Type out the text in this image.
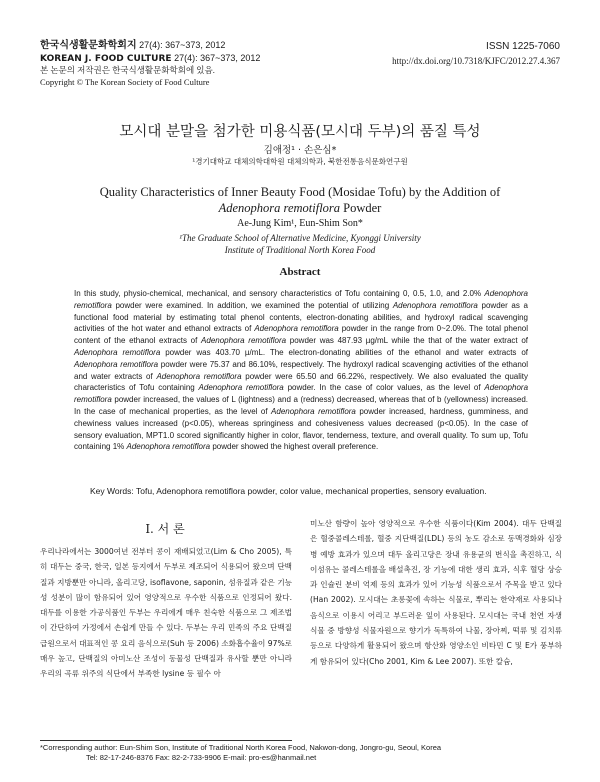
한국식생활문화학회지 27(4): 367~373, 2012
KOREAN J. FOOD CULTURE 27(4): 367~373, 2012
본 논문의 저작권은 한국식생활문화학회에 있음.
Copyright © The Korean Society of Food Culture
ISSN 1225-7060
http://dx.doi.org/10.7318/KJFC/2012.27.4.367
모시대 분말을 첨가한 미용식품(모시대 두부)의 품질 특성
김애정¹ · 손은심*
¹경기대학교 대체의학대학원 대체의학과, 북한전통음식문화연구원
Quality Characteristics of Inner Beauty Food (Mosidae Tofu) by the Addition of
Adenophora remotiflora Powder
Ae-Jung Kim¹, Eun-Shim Son*
¹The Graduate School of Alternative Medicine, Kyonggi University
Institute of Traditional North Korea Food
Abstract
In this study, physio-chemical, mechanical, and sensory characteristics of Tofu containing 0, 0.5, 1.0, and 2.0% Adenophora remotiflora powder were examined. In addition, we examined the potential of utilizing Adenophora remotiflora powder as a functional food material by estimating total phenol contents, electron-donating abilities, and hydroxyl radical scavenging activities of the hot water and ethanol extracts of Adenophora remotiflora powder in the range from 0~2.0%. The total phenol content of the ethanol extracts of Adenophora remotiflora powder was 487.93 µg/mL while the that of the water extract of Adenophora remotiflora powder was 403.70 µ/mL. The electron-donating abilities of the ethanol and water extracts of Adenophora remotiflora powder were 75.37 and 86.10%, respectively. The hydroxyl radical scavenging activities of the ethanol and water extracts of Adenophora remotiflora powder were 65.50 and 66.22%, respectively. We also evaluated the quality characteristics of Tofu containing Adenophora remotiflora powder. In the case of color values, as the level of Adenophora remotiflora powder increased, the values of L (lightness) and a (redness) decreased, whereas that of b (yellowness) increased. In the case of mechanical properties, as the level of Adenophora remotiflora powder increased, hardness, gumminess, and chewiness values increased (p<0.05), whereas springiness and cohesiveness values decreased (p<0.05). In the case of sensory evaluation, MPT1.0 scored significantly higher in color, flavor, tenderness, texture, and overall quality. To sum up, Tofu containing 1% Adenophora remotiflora powder showed the highest overall preference.
Key Words: Tofu, Adenophora remotiflora powder, color value, mechanical properties, sensory evaluation.
Ⅰ. 서 론
우리나라에서는 3000여년 전부터 콩이 재배되었고(Lim & Cho 2005), 특히 대두는 중국, 한국, 일본 등지에서 두부로 제조되어 식용되어 왔으며 단백질과 지방뿐만 아니라, 올리고당, isoflavone, saponin, 섬유질과 같은 기능성 성분이 많이 함유되어 있어 영양적으로 우수한 식품으로 인정되어 왔다. 대두를 이용한 가공식품인 두부는 우리에게 매우 친숙한 식품으로 그 제조법이 간단하여 가정에서 손쉽게 만들 수 있다. 두부는 우리 민족의 주요 단백질 급원으로서 대표적인 콩 요리 음식으로(Suh 등 2006) 소화흡수율이 97%로 매우 높고, 단백질의 아미노산 조성이 동물성 단백질과 유사할 뿐만 아니라 우리의 곡류 위주의 식단에서 부족한 lysine 등 필수 아
미노산 함량이 높아 영양적으로 우수한 식품이다(Kim 2004). 대두 단백질은 혈중콜레스테롤, 혈중 지단백질(LDL) 등의 농도 감소로 동맥경화와 심장병 예방 효과가 있으며 대두 올리고당은 장내 유용균의 번식을 촉진하고, 식이섬유는 콜레스테롤을 배설촉진, 장 기능에 대한 생리 효과, 식후 혈당 상승과 인슐린 분비 억제 등의 효과가 있어 기능성 식품으로서 주목을 받고 있다(Han 2002). 모시대는 초롱꽃에 속하는 식물로, 뿌리는 한약재로 사용되나 음식으로 이용시 어리고 부드러운 잎이 사용된다. 모시대는 국내 천연 자생 식물 중 방향성 식물자원으로 향기가 독특하여 나물, 장아찌, 떡류 및 김치류 등으로 다양하게 활용되어 왔으며 항산화 영양소인 비타민 C 및 E가 풍부하게 함유되어 있다(Cho 2001, Kim & Lee 2007). 또한 칼슘,
*Corresponding author: Eun-Shim Son, Institute of Traditional North Korea Food, Nakwon-dong, Jongro-gu, Seoul, Korea
Tel: 82-17-246-8376 Fax: 82-2-733-9906 E-mail: pro-es@hanmail.net
